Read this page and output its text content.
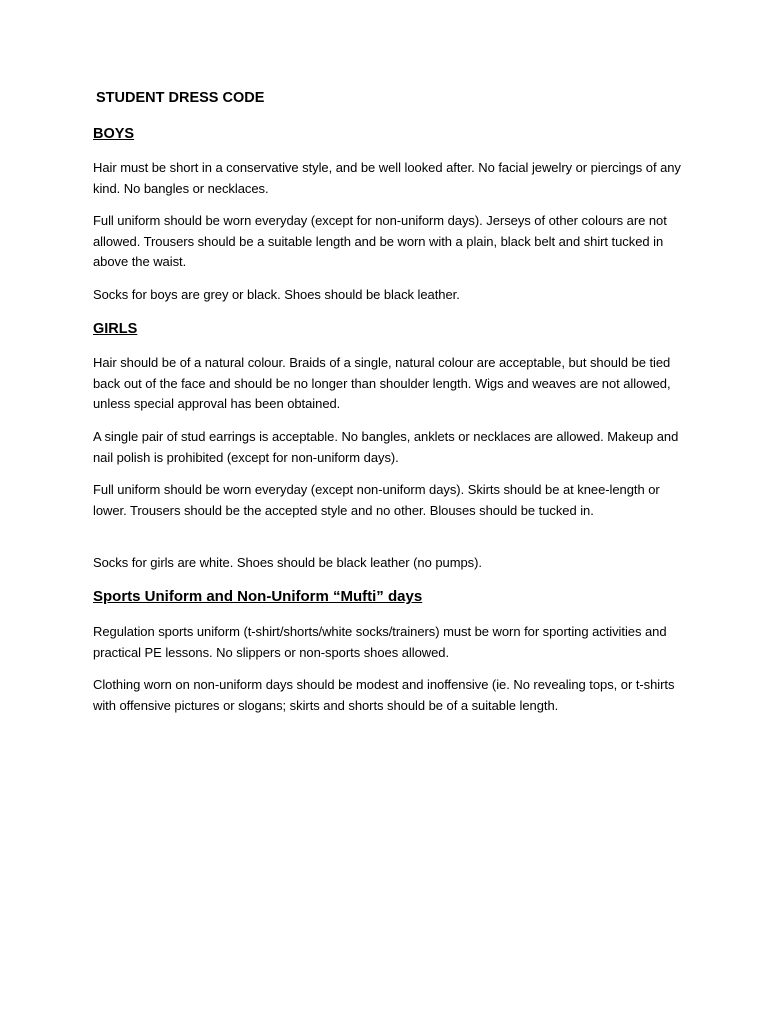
STUDENT DRESS CODE
BOYS

Hair must be short in a conservative style, and be well looked after. No facial jewelry or piercings of any kind. No bangles or necklaces.

Full uniform should be worn everyday (except for non-uniform days). Jerseys of other colours are not allowed. Trousers should be a suitable length and be worn with a plain, black belt and shirt tucked in above the waist.

Socks for boys are grey or black. Shoes should be black leather.

GIRLS

Hair should be of a natural colour. Braids of a single, natural colour are acceptable, but should be tied back out of the face and should be no longer than shoulder length. Wigs and weaves are not allowed, unless special approval has been obtained.

A single pair of stud earrings is acceptable. No bangles, anklets or necklaces are allowed. Makeup and nail polish is prohibited (except for non-uniform days).

Full uniform should be worn everyday (except non-uniform days). Skirts should be at knee-length or lower. Trousers should be the accepted style and no other. Blouses should be tucked in.

Socks for girls are white. Shoes should be black leather (no pumps).

Sports Uniform and Non-Uniform “Mufti” days

Regulation sports uniform (t-shirt/shorts/white socks/trainers) must be worn for sporting activities and practical PE lessons. No slippers or non-sports shoes allowed.

Clothing worn on non-uniform days should be modest and inoffensive (ie. No revealing tops, or t-shirts with offensive pictures or slogans; skirts and shorts should be of a suitable length.
